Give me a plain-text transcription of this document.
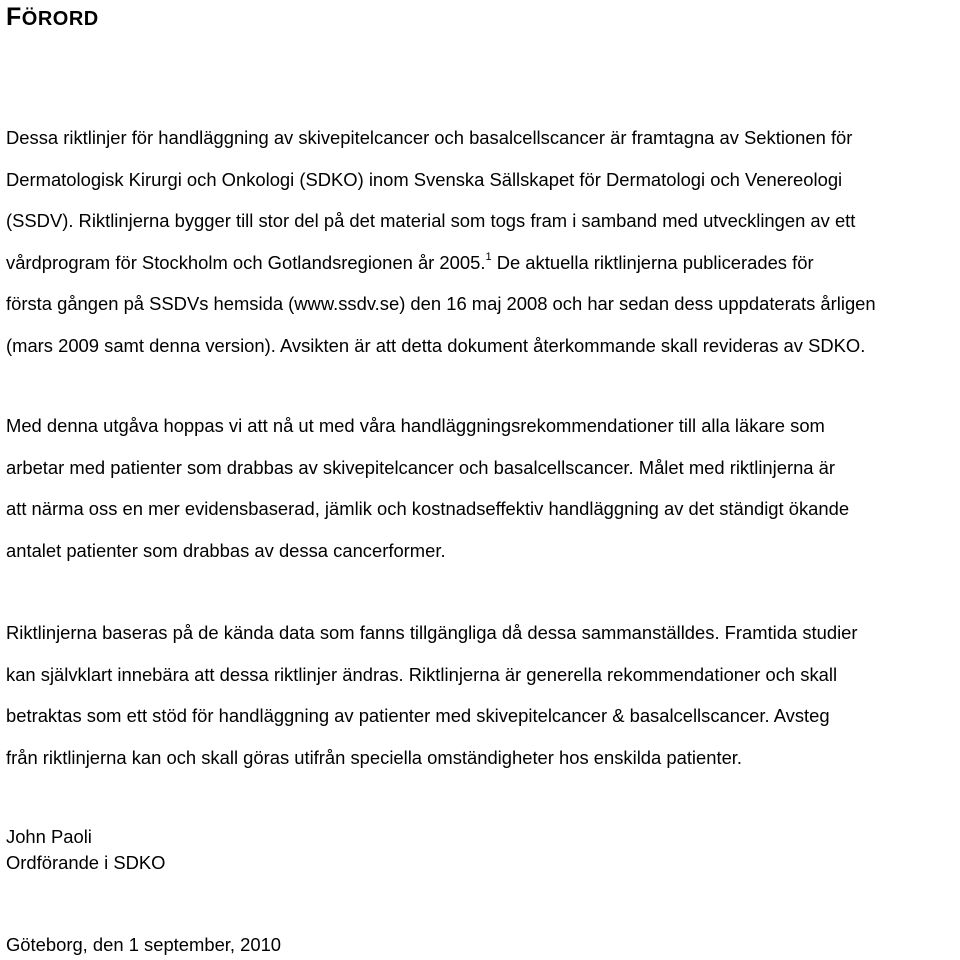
FÖRORD

Dessa riktlinjer för handläggning av skivepitelcancer och basalcellscancer är framtagna av Sektionen för
Dermatologisk Kirurgi och Onkologi (SDKO) inom Svenska Sällskapet för Dermatologi och Venereologi
(SSDV). Riktlinjerna bygger till stor del på det material som togs fram i samband med utvecklingen av ett
vårdprogram för Stockholm och Gotlandsregionen år 2005.$^1$ De aktuella riktlinjerna publicerades för
första gången på SSDVs hemsida (www.ssdv.se) den 16 maj 2008 och har sedan dess uppdaterats årligen
(mars 2009 samt denna version). Avsikten är att detta dokument återkommande skall revideras av SDKO.

Med denna utgåva hoppas vi att nå ut med våra handläggningsrekommendationer till alla läkare som
arbetar med patienter som drabbas av skivepitelcancer och basalcellscancer. Målet med riktlinjerna är
att närma oss en mer evidensbaserad, jämlik och kostnadseffektiv handläggning av det ständigt ökande
antalet patienter som drabbas av dessa cancerformer.

Riktlinjerna baseras på de kända data som fanns tillgängliga då dessa sammanställdes. Framtida studier
kan självklart innebära att dessa riktlinjer ändras. Riktlinjerna är generella rekommendationer och skall
betraktas som ett stöd för handläggning av patienter med skivepitelcancer & basalcellscancer. Avsteg
från riktlinjerna kan och skall göras utifrån speciella omständigheter hos enskilda patienter.

John Paoli

Ordförande i SDKO

Göteborg, den 1 september, 2010
